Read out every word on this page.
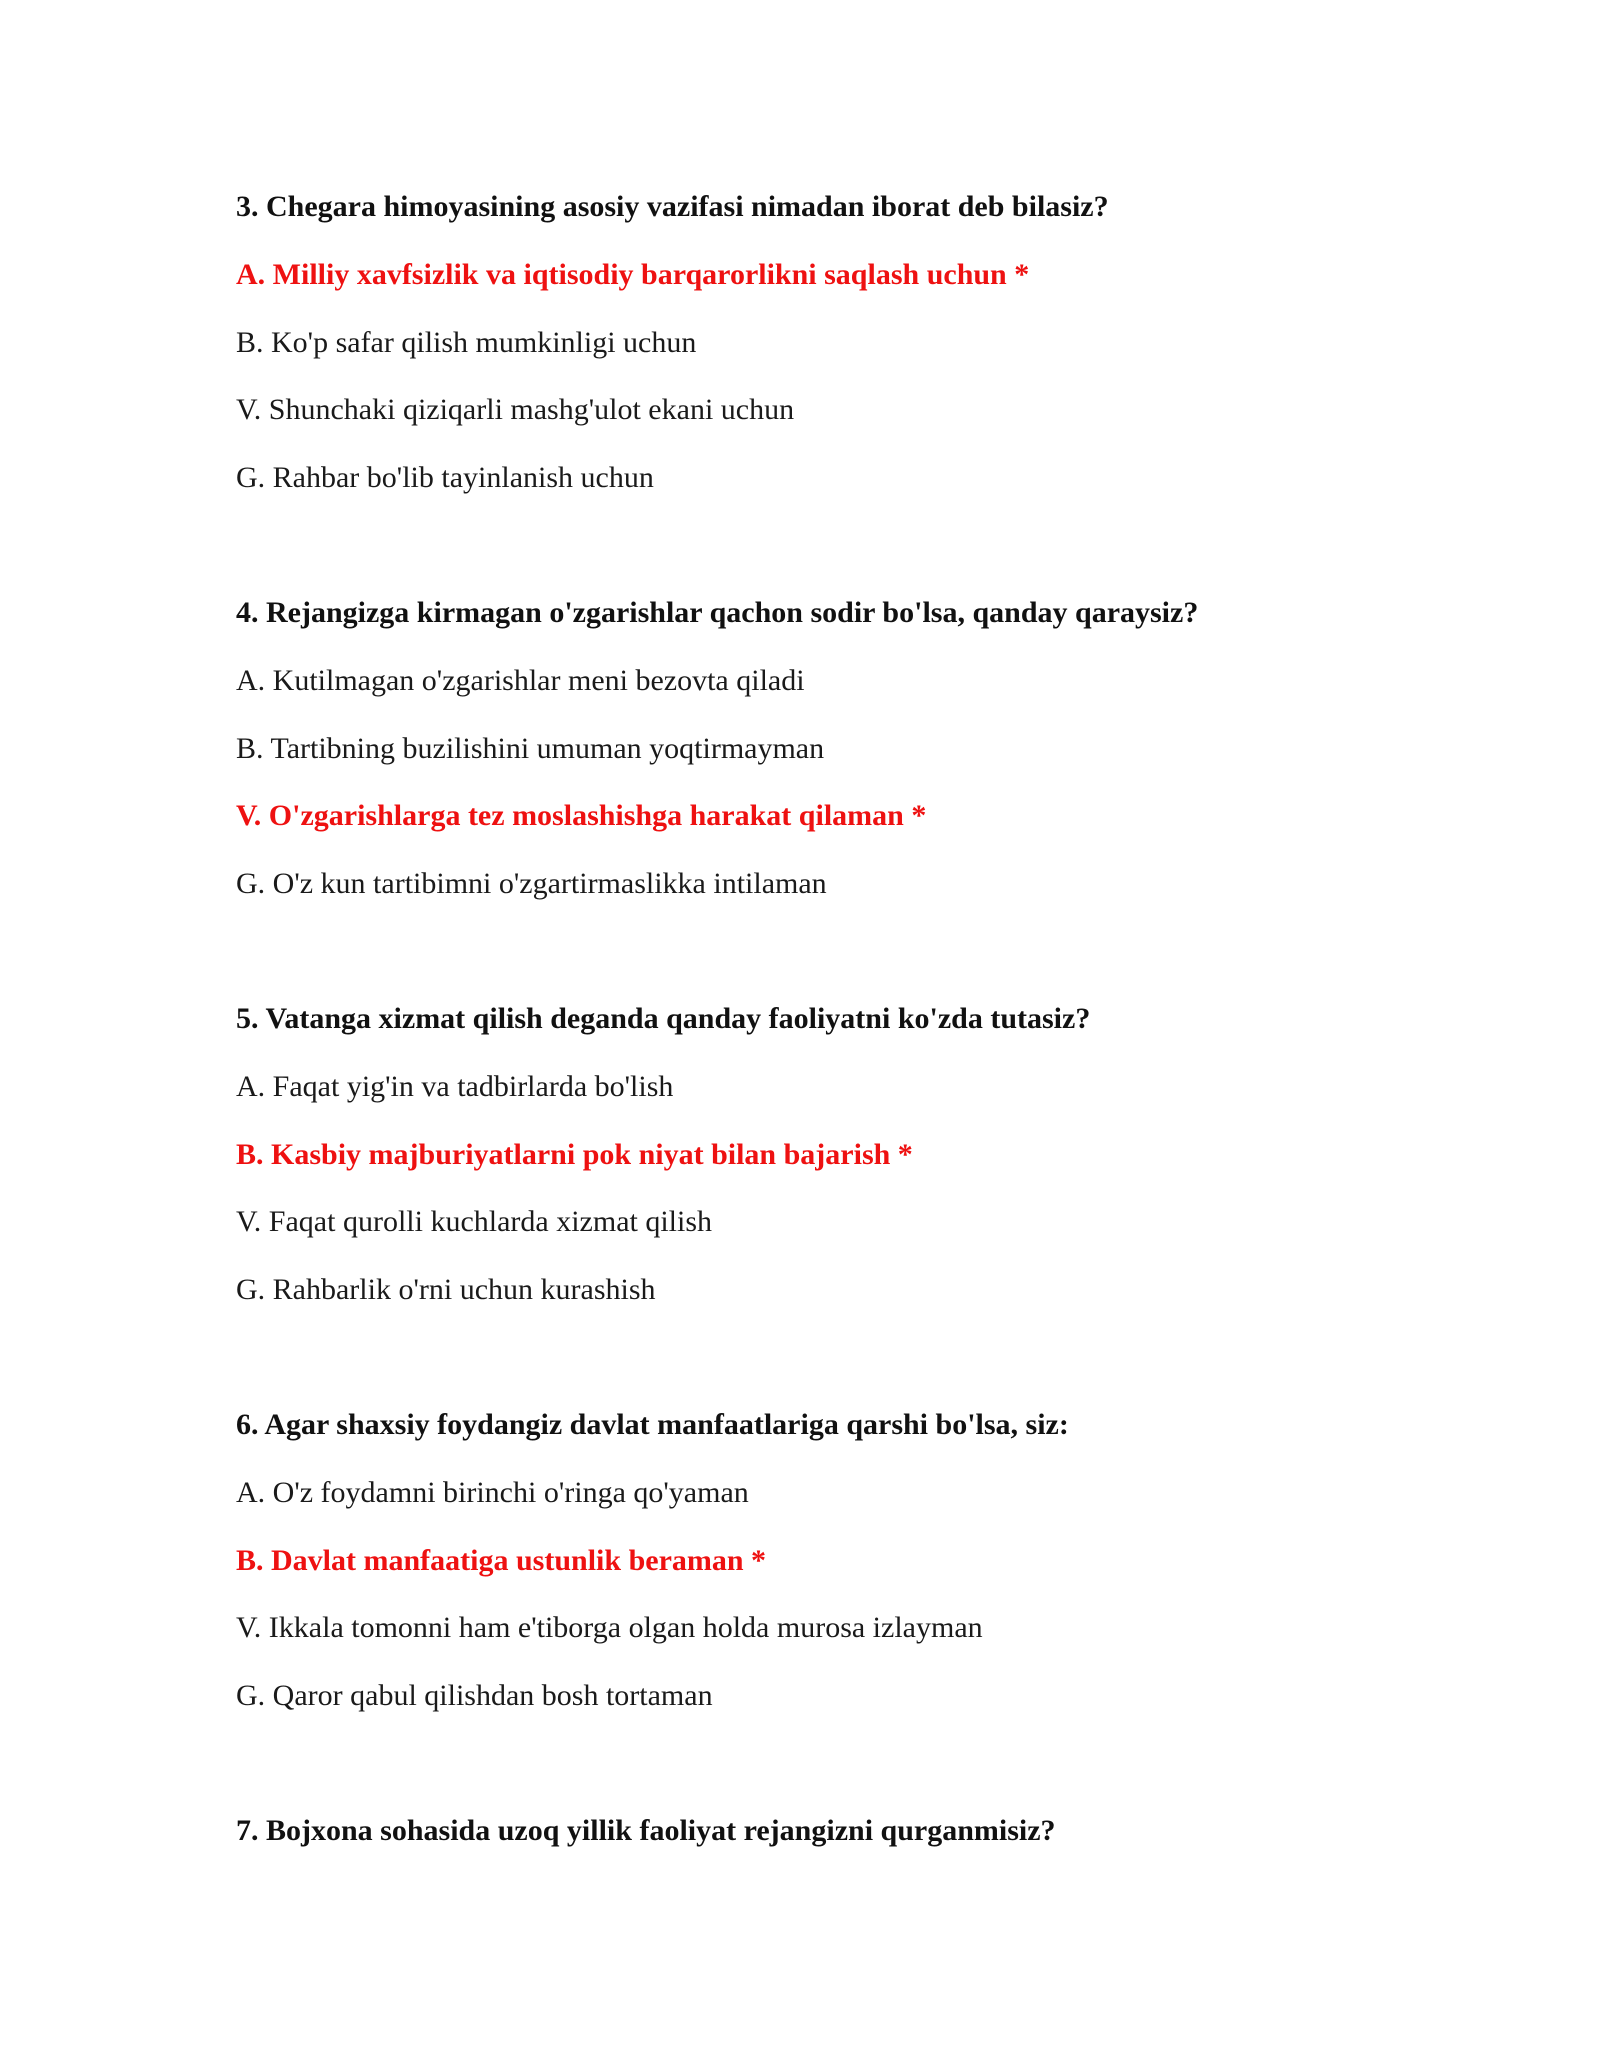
3. Chegara himoyasining asosiy vazifasi nimadan iborat deb bilasiz?
A. Milliy xavfsizlik va iqtisodiy barqarorlikni saqlash uchun *
B. Ko'p safar qilish mumkinligi uchun
V. Shunchaki qiziqarli mashg'ulot ekani uchun
G. Rahbar bo'lib tayinlanish uchun
4. Rejangizga kirmagan o'zgarishlar qachon sodir bo'lsa, qanday qaraysiz?
A. Kutilmagan o'zgarishlar meni bezovta qiladi
B. Tartibning buzilishini umuman yoqtirmayman
V. O'zgarishlarga tez moslashishga harakat qilaman *
G. O'z kun tartibimni o'zgartirmaslikka intilaman
5. Vatanga xizmat qilish deganda qanday faoliyatni ko'zda tutasiz?
A. Faqat yig'in va tadbirlarda bo'lish
B. Kasbiy majburiyatlarni pok niyat bilan bajarish *
V. Faqat qurolli kuchlarda xizmat qilish
G. Rahbarlik o'rni uchun kurashish
6. Agar shaxsiy foydangiz davlat manfaatlariga qarshi bo'lsa, siz:
A. O'z foydamni birinchi o'ringa qo'yaman
B. Davlat manfaatiga ustunlik beraman *
V. Ikkala tomonni ham e'tiborga olgan holda murosa izlayman
G. Qaror qabul qilishdan bosh tortaman
7. Bojxona sohasida uzoq yillik faoliyat rejangizni qurganmisiz?
